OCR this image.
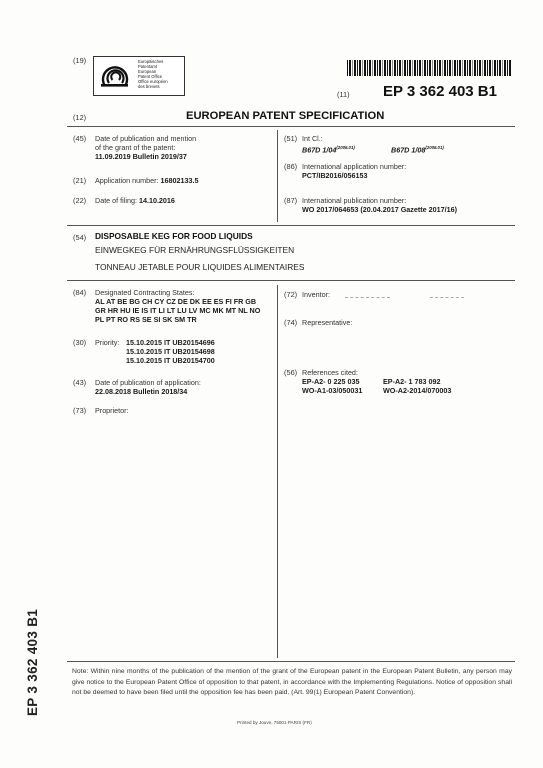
(19)	Europäisches
Patentamt
European
Patent Office
Office européen
des brevets
(11) EP 3 362 403 B1
(12)	EUROPEAN PATENT SPECIFICATION
(45) Date of publication and mention
of the grant of the patent:
11.09.2019 Bulletin 2019/37
(21) Application number: 16802133.5
(22) Date of filing: 14.10.2016
(51) Int Cl.:
B67D $1/04^{(2006.01)}$	B67D $1/08^{(2006.01)}$
(86) International application number:
PCT/IB2016/056153
(87) International publication number:
WO 2017/064653 (20.04.2017 Gazette 2017/16)
(54) DISPOSABLE KEG FOR FOOD LIQUIDS
EINWEGKEG FÜR ERNÄHRUNGSFLÜSSIGKEITEN
TONNEAU JETABLE POUR LIQUIDES ALIMENTAIRES
(84) Designated Contracting States:
AL AT BE BG CH CY CZ DE DK EE ES FI FR GB
GR HR HU IE IS IT LI LT LU LV MC MK MT NL NO
PL PT RO RS SE SI SK SM TR
(30) Priority: 15.10.2015 IT UB20154696
15.10.2015 IT UB20154698
15.10.2015 IT UB20154700
(43) Date of publication of application:
22.08.2018 Bulletin 2018/34
(73) Proprietor:
(72) Inventor:
(74) Representative:
(56) References cited:
EP-A2- 0 225 035	EP-A2- 1 783 092
WO-A1-03/050031	WO-A2-2014/070003
Note: Within nine months of the publication of the mention of the grant of the European patent in the European Patent Bulletin, any person may give notice to the European Patent Office of opposition to that patent, in accordance with the Implementing Regulations. Notice of opposition shall not be deemed to have been filed until the opposition fee has been paid. (Art. 99(1) European Patent Convention).
Printed by Jouve, 75001 PARIS (FR)
EP 3 362 403 B1
